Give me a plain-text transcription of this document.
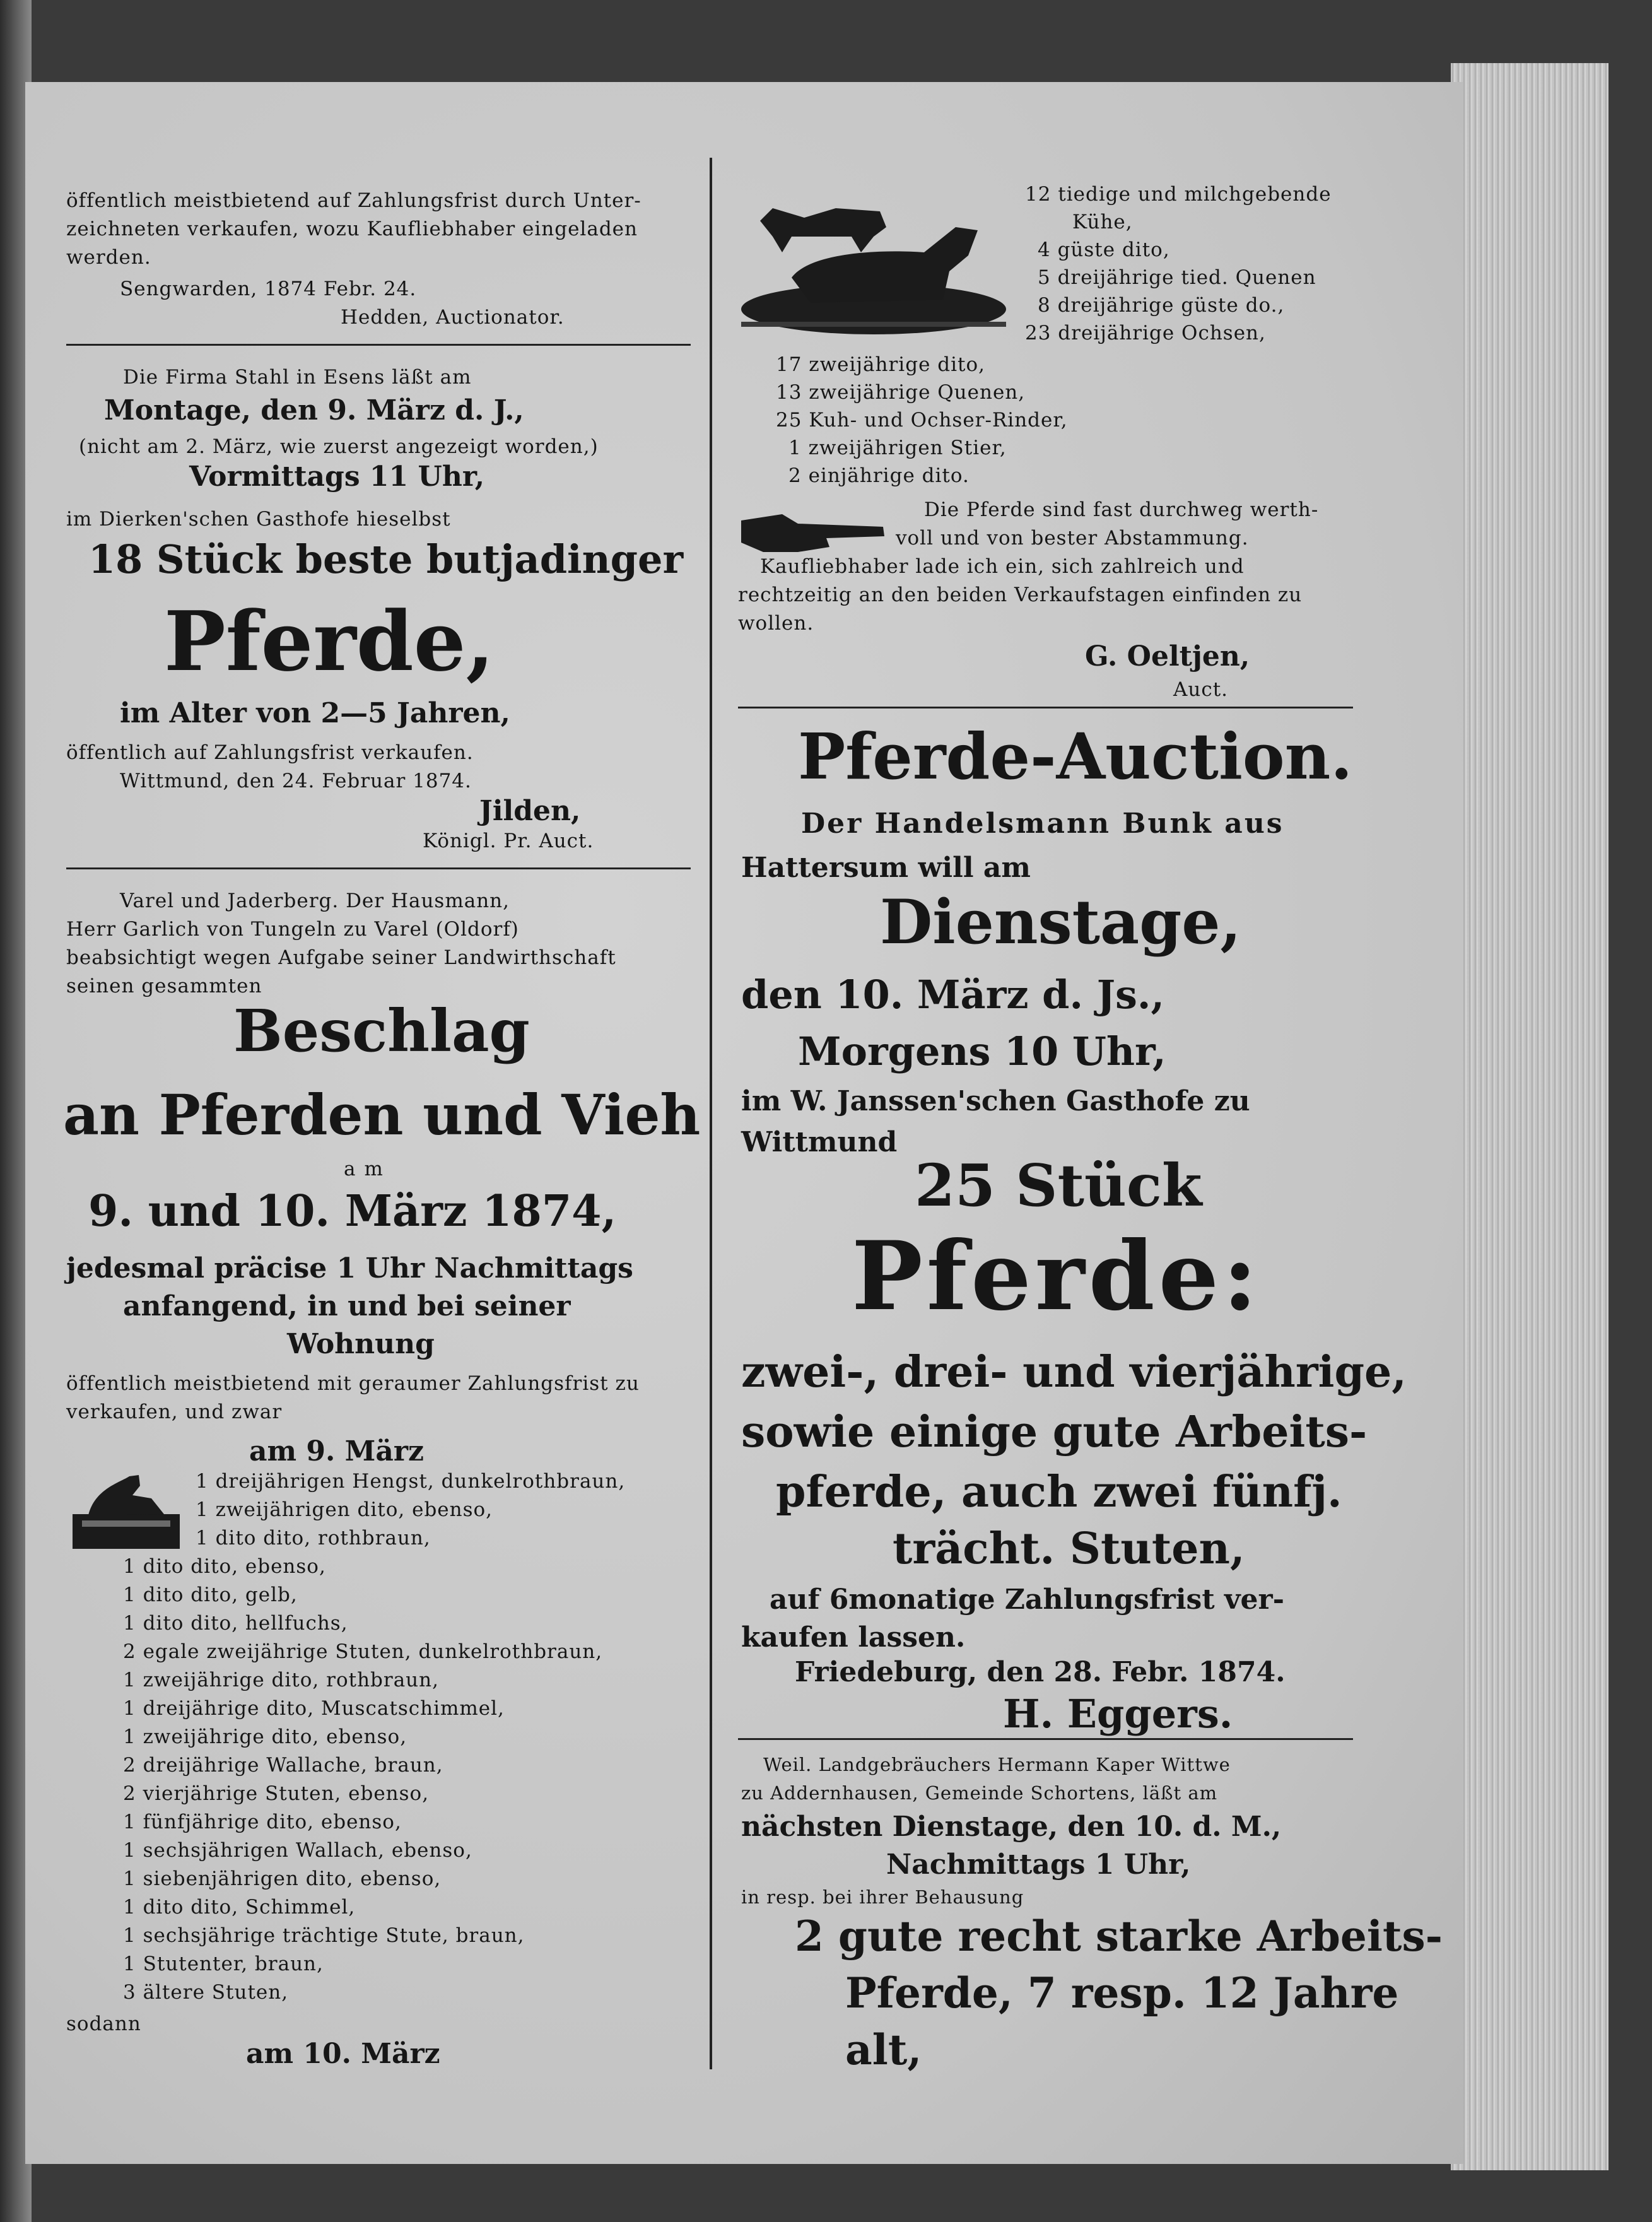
öffentlich meistbietend auf Zahlungsfrist durch Unter-

zeichneten verkaufen, wozu Kaufliebhaber eingeladen

werden.

Sengwarden, 1874 Febr. 24.

Hedden, Auctionator.

Die Firma Stahl in Esens läßt am

Montage, den 9. März d. J.,

(nicht am 2. März, wie zuerst angezeigt worden,)

Vormittags 11 Uhr,

im Dierken'schen Gasthofe hieselbst

18 Stück beste butjadinger

Pferde,

im Alter von 2—5 Jahren,

öffentlich auf Zahlungsfrist verkaufen.

Wittmund, den 24. Februar 1874.

Jilden,

Königl. Pr. Auct.

Varel und Jaderberg. Der Hausmann,

Herr Garlich von Tungeln zu Varel (Oldorf)

beabsichtigt wegen Aufgabe seiner Landwirthschaft

seinen gesammten

Beschlag

an Pferden und Vieh

am

9. und 10. März 1874,

jedesmal präcise 1 Uhr Nachmittags

anfangend, in und bei seiner

Wohnung

öffentlich meistbietend mit geraumer Zahlungsfrist zu

verkaufen, und zwar

am 9. März

1 dreijährigen Hengst, dunkelrothbraun,

1 zweijährigen dito, ebenso,

1 dito dito, rothbraun,

1 dito dito, ebenso,

1 dito dito, gelb,

1 dito dito, hellfuchs,

2 egale zweijährige Stuten, dunkelrothbraun,

1 zweijährige dito, rothbraun,

1 dreijährige dito, Muscatschimmel,

1 zweijährige dito, ebenso,

2 dreijährige Wallache, braun,

2 vierjährige Stuten, ebenso,

1 fünfjährige dito, ebenso,

1 sechsjährigen Wallach, ebenso,

1 siebenjährigen dito, ebenso,

1 dito dito, Schimmel,

1 sechsjährige trächtige Stute, braun,

1 Stutenter, braun,

3 ältere Stuten,

sodann

am 10. März

12 tiedige und milchgebende

Kühe,

4 güste dito,

5 dreijährige tied. Quenen

8 dreijährige güste do.,

23 dreijährige Ochsen,

17 zweijährige dito,

13 zweijährige Quenen,

25 Kuh- und Ochser-Rinder,

1 zweijährigen Stier,

2 einjährige dito.

Die Pferde sind fast durchweg werth-

voll und von bester Abstammung.

Kaufliebhaber lade ich ein, sich zahlreich und

rechtzeitig an den beiden Verkaufstagen einfinden zu

wollen.

G. Oeltjen,

Auct.

Pferde-Auction.

Der Handelsmann Bunk aus

Hattersum will am

Dienstage,

den 10. März d. Js.,

Morgens 10 Uhr,

im W. Janssen'schen Gasthofe zu

Wittmund

25 Stück

Pferde:

zwei-, drei- und vierjährige,

sowie einige gute Arbeits-

pferde, auch zwei fünfj.

trächt. Stuten,

auf 6monatige Zahlungsfrist ver-

kaufen lassen.

Friedeburg, den 28. Febr. 1874.

H. Eggers.

Weil. Landgebräuchers Hermann Kaper Wittwe

zu Addernhausen, Gemeinde Schortens, läßt am

nächsten Dienstage, den 10. d. M.,

Nachmittags 1 Uhr,

in resp. bei ihrer Behausung

2 gute recht starke Arbeits-

Pferde, 7 resp. 12 Jahre

alt,
